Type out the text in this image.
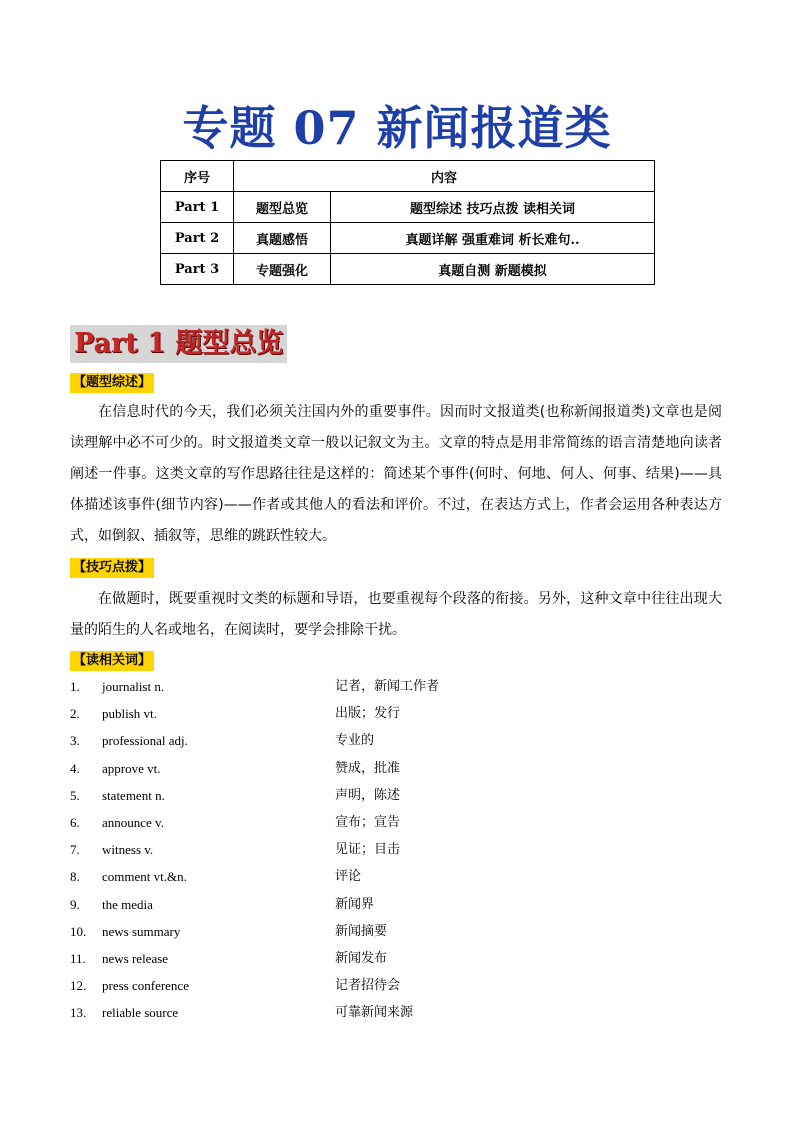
专题 07 新闻报道类
序号	内容	
Part 1	题型总览	题型综述 技巧点拨 读相关词
Part 2	真题感悟	真题详解 强重难词 析长难句..
Part 3	专题强化	真题自测 新题模拟
Part 1 题型总览
【题型综述】
在信息时代的今天，我们必须关注国内外的重要事件。因而时文报道类(也称新闻报道类)文章也是阅读理解中必不可少的。时文报道类文章一般以记叙文为主。文章的特点是用非常简练的语言清楚地向读者阐述一件事。这类文章的写作思路往往是这样的：简述某个事件(何时、何地、何人、何事、结果)——具体描述该事件(细节内容)——作者或其他人的看法和评价。不过，在表达方式上，作者会运用各种表达方式，如倒叙、插叙等，思维的跳跃性较大。
【技巧点拨】
在做题时，既要重视时文类的标题和导语，也要重视每个段落的衔接。另外，这种文章中往往出现大量的陌生的人名或地名，在阅读时，要学会排除干扰。
【读相关词】
1. journalist n.	记者，新闻工作者
2. publish vt.	出版；发行
3. professional adj.	专业的
4. approve vt.	赞成，批准
5. statement n.	声明，陈述
6. announce v.	宣布；宣告
7. witness v.	见证；目击
8. comment vt.&n.	评论
9. the media	新闻界
10. news summary	新闻摘要
11. news release	新闻发布
12. press conference	记者招待会
13. reliable source	可靠新闻来源
